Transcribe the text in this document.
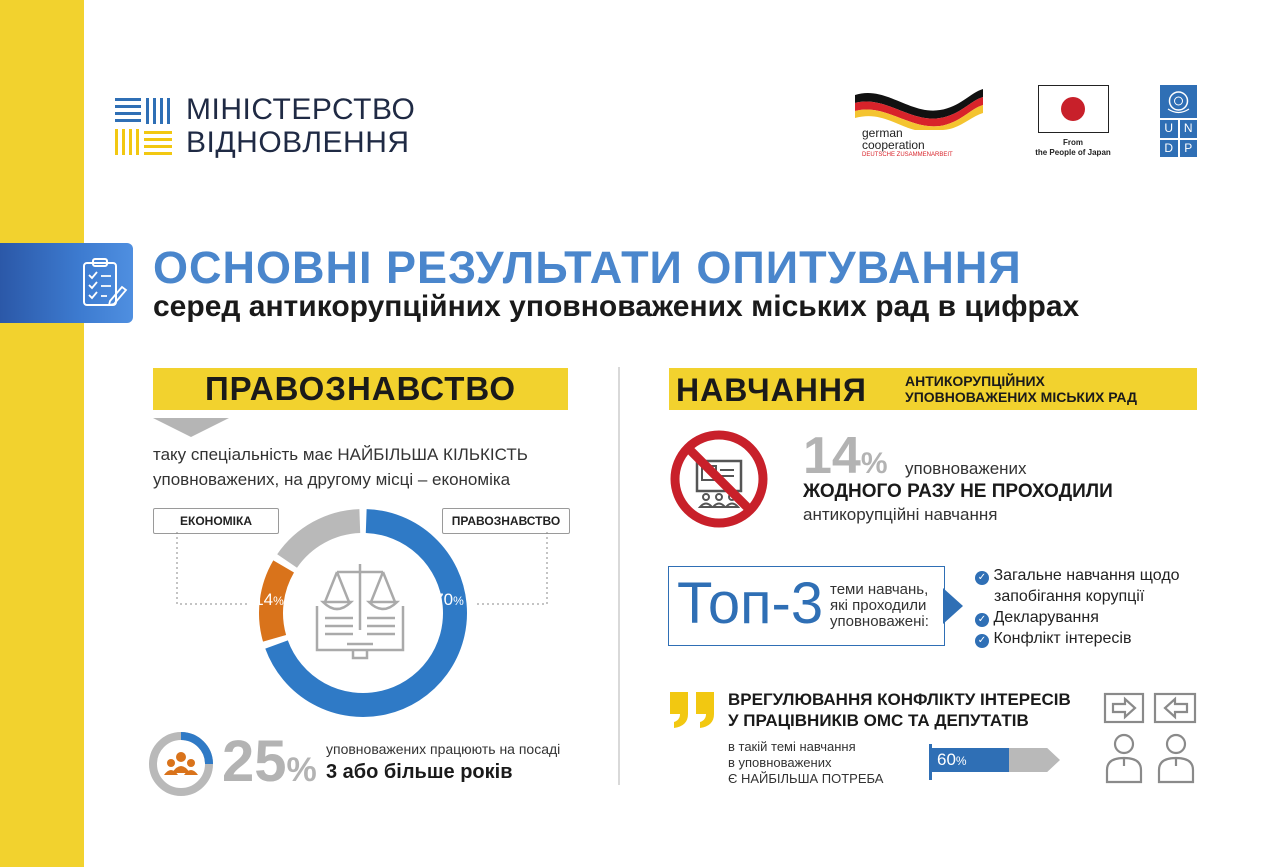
МІНІСТЕРСТВО
ВІДНОВЛЕННЯ	german
cooperation
DEUTSCHE ZUSAMMENARBEIT
From
the People of Japan
U N
D P
ОСНОВНІ РЕЗУЛЬТАТИ ОПИТУВАННЯ
серед антикорупційних уповноважених міських рад в цифрах
ПРАВОЗНАВСТВО
таку спеціальність має НАЙБІЛЬША КІЛЬКІСТЬ
уповноважених, на другому місці – економіка
ЕКОНОМІКА	ПРАВОЗНАВСТВО
70%
14%
25%
уповноважених працюють на посаді
3 або більше років
НАВЧАННЯ	АНТИКОРУПЦІЙНИХ
УПОВНОВАЖЕНИХ МІСЬКИХ РАД
14% уповноважених
ЖОДНОГО РАЗУ НЕ ПРОХОДИЛИ
антикорупційні навчання
Топ-3 теми навчань,
які проходили
уповноважені:
✓ Загальне навчання щодо
запобігання корупції
✓ Декларування
✓ Конфлікт інтересів
ВРЕГУЛЮВАННЯ КОНФЛІКТУ ІНТЕРЕСІВ
У ПРАЦІВНИКІВ ОМС ТА ДЕПУТАТІВ
в такій темі навчання
в уповноважених
Є НАЙБІЛЬША ПОТРЕБА
60%
